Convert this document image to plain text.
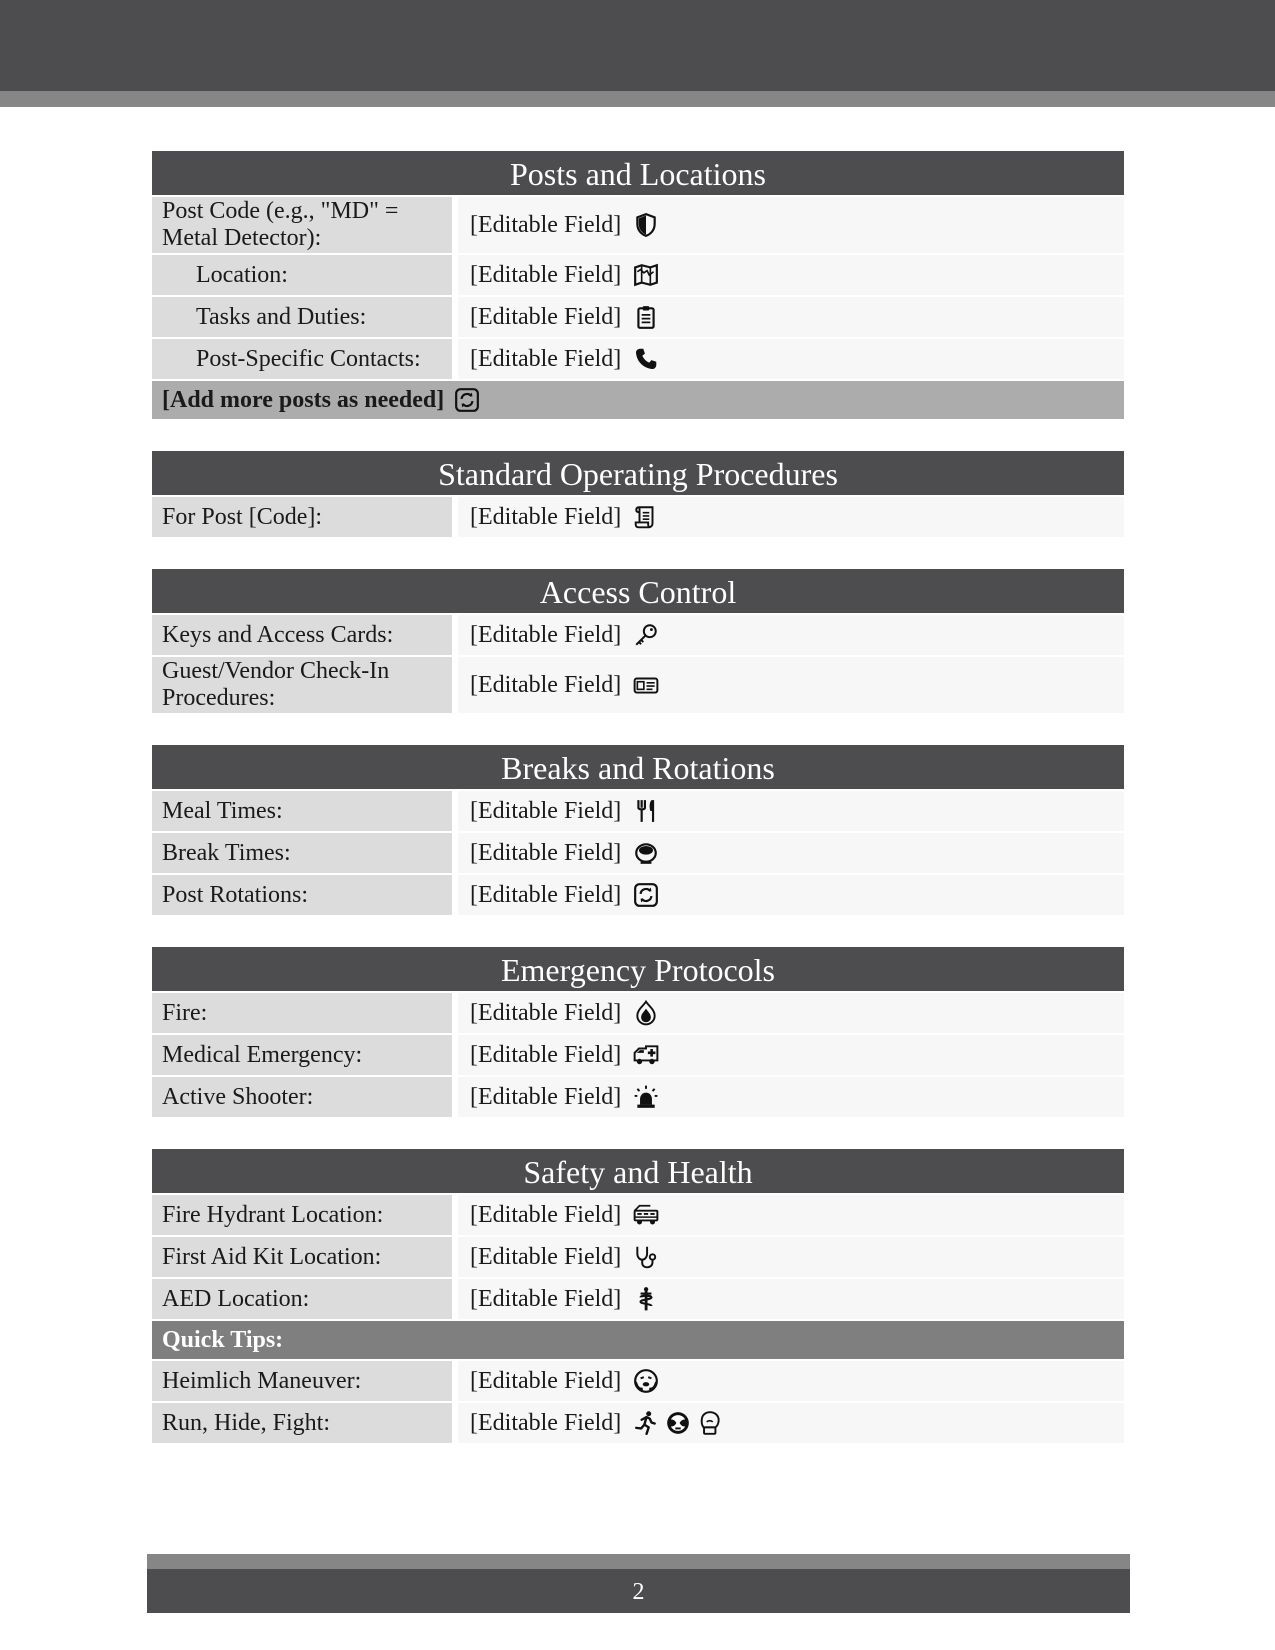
Posts and Locations
Post Code (e.g., "MD" = Metal Detector):
[Editable Field]
Location:	[Editable Field]
Tasks and Duties:	[Editable Field]
Post-Specific Contacts:	[Editable Field]
[Add more posts as needed]
Standard Operating Procedures
For Post [Code]:	[Editable Field]
Access Control
Keys and Access Cards:	[Editable Field]
Guest/Vendor Check-In Procedures:
[Editable Field]
Breaks and Rotations
Meal Times:	[Editable Field]
Break Times:	[Editable Field]
Post Rotations:	[Editable Field]
Emergency Protocols
Fire:	[Editable Field]
Medical Emergency:	[Editable Field]
Active Shooter:	[Editable Field]
Safety and Health
Fire Hydrant Location:	[Editable Field]
First Aid Kit Location:	[Editable Field]
AED Location:	[Editable Field]
Quick Tips:
Heimlich Maneuver:	[Editable Field]
Run, Hide, Fight:	[Editable Field]
2
